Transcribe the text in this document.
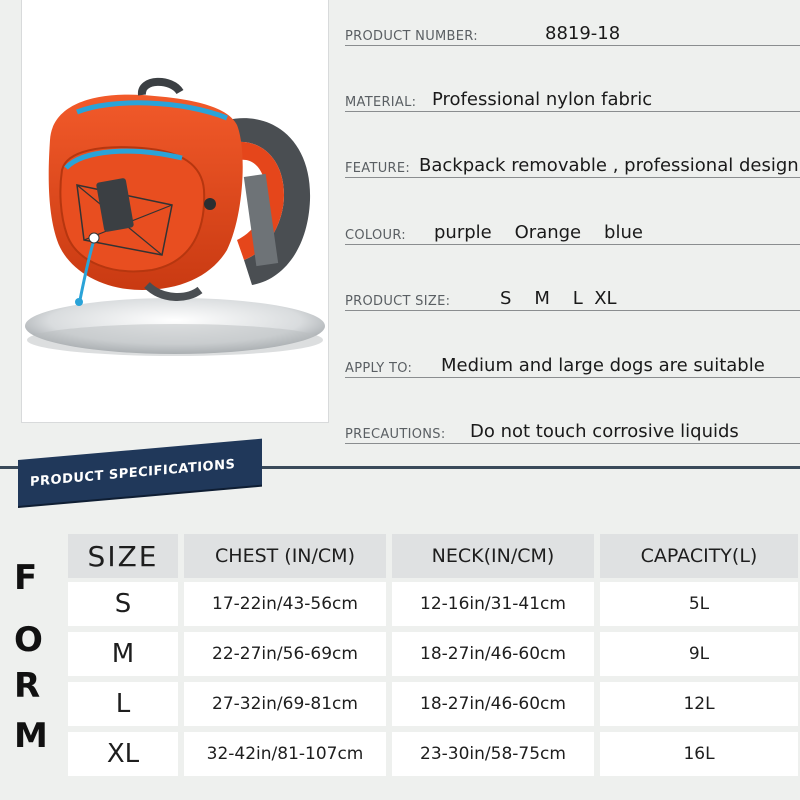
PRODUCT NUMBER:	8819-18
MATERIAL: Professional nylon fabric
FEATURE: Backpack removable , professional design
COLOUR: purple    Orange    blue
PRODUCT SIZE:	S    M    L  XL
APPLY TO: Medium and large dogs are suitable
PRECAUTIONS: Do not touch corrosive liquids
PRODUCT SPECIFICATIONS
F
O
R
M
SIZE	CHEST (IN/CM)	NECK(IN/CM)	CAPACITY(L)
S	17-22in/43-56cm	12-16in/31-41cm	5L
M	22-27in/56-69cm	18-27in/46-60cm	9L
L	27-32in/69-81cm	18-27in/46-60cm	12L
XL	32-42in/81-107cm	23-30in/58-75cm	16L
